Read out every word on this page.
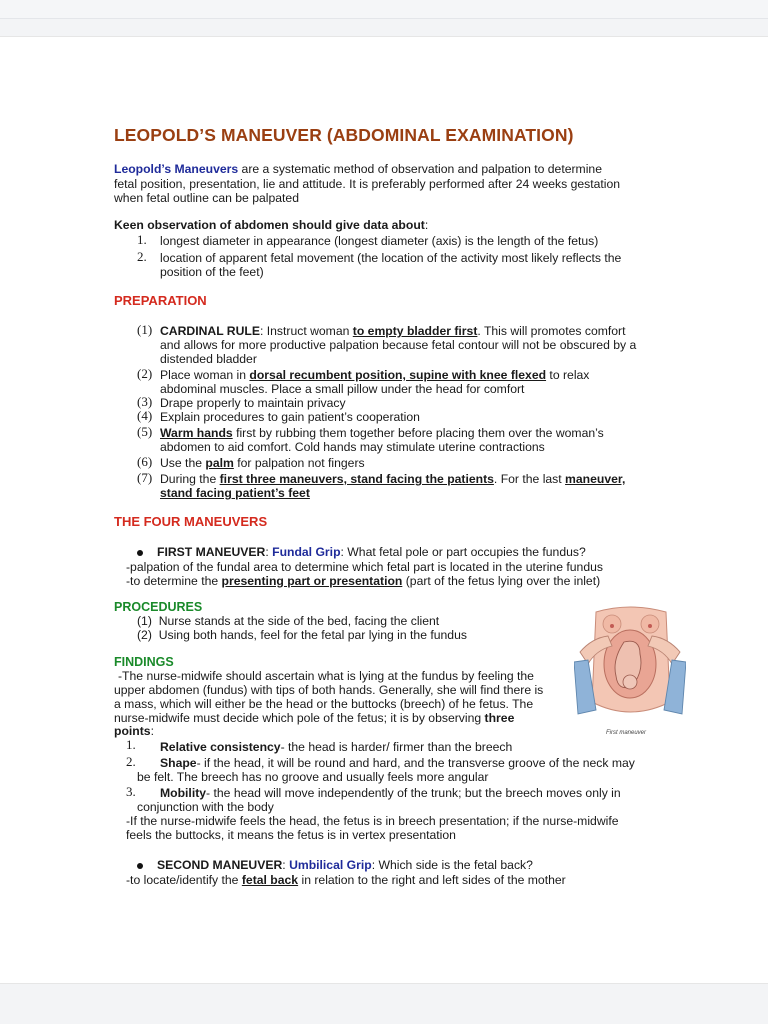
LEOPOLD’S MANEUVER (ABDOMINAL EXAMINATION)
Leopold’s Maneuvers are a systematic method of observation and palpation to determine
fetal position, presentation, lie and attitude. It is preferably performed after 24 weeks gestation
when fetal outline can be palpated
Keen observation of abdomen should give data about:
1. longest diameter in appearance (longest diameter (axis) is the length of the fetus)
2. location of apparent fetal movement (the location of the activity most likely reflects the
position of the feet)
PREPARATION
(1) CARDINAL RULE: Instruct woman to empty bladder first. This will promotes comfort
and allows for more productive palpation because fetal contour will not be obscured by a
distended bladder
(2) Place woman in dorsal recumbent position, supine with knee flexed to relax
abdominal muscles. Place a small pillow under the head for comfort
(3) Drape properly to maintain privacy
(4) Explain procedures to gain patient’s cooperation
(5) Warm hands first by rubbing them together before placing them over the woman’s
abdomen to aid comfort. Cold hands may stimulate uterine contractions
(6) Use the palm for palpation not fingers
(7) During the first three maneuvers, stand facing the patients. For the last maneuver,
stand facing patient’s feet
THE FOUR MANEUVERS
FIRST MANEUVER: Fundal Grip: What fetal pole or part occupies the fundus?
-palpation of the fundal area to determine which fetal part is located in the uterine fundus
-to determine the presenting part or presentation (part of the fetus lying over the inlet)
PROCEDURES
(1) Nurse stands at the side of the bed, facing the client
(2) Using both hands, feel for the fetal par lying in the fundus
FINDINGS
-The nurse-midwife should ascertain what is lying at the fundus by feeling the
upper abdomen (fundus) with tips of both hands. Generally, she will find there is
a mass, which will either be the head or the buttocks (breech) of he fetus. The
nurse-midwife must decide which pole of the fetus; it is by observing three
points:
1. Relative consistency- the head is harder/ firmer than the breech
2. Shape- if the head, it will be round and hard, and the transverse groove of the neck may
be felt. The breech has no groove and usually feels more angular
3. Mobility- the head will move independently of the trunk; but the breech moves only in
conjunction with the body
-If the nurse-midwife feels the head, the fetus is in breech presentation; if the nurse-midwife
feels the buttocks, it means the fetus is in vertex presentation
SECOND MANEUVER: Umbilical Grip: Which side is the fetal back?
-to locate/identify the fetal back in relation to the right and left sides of the mother
First maneuver
